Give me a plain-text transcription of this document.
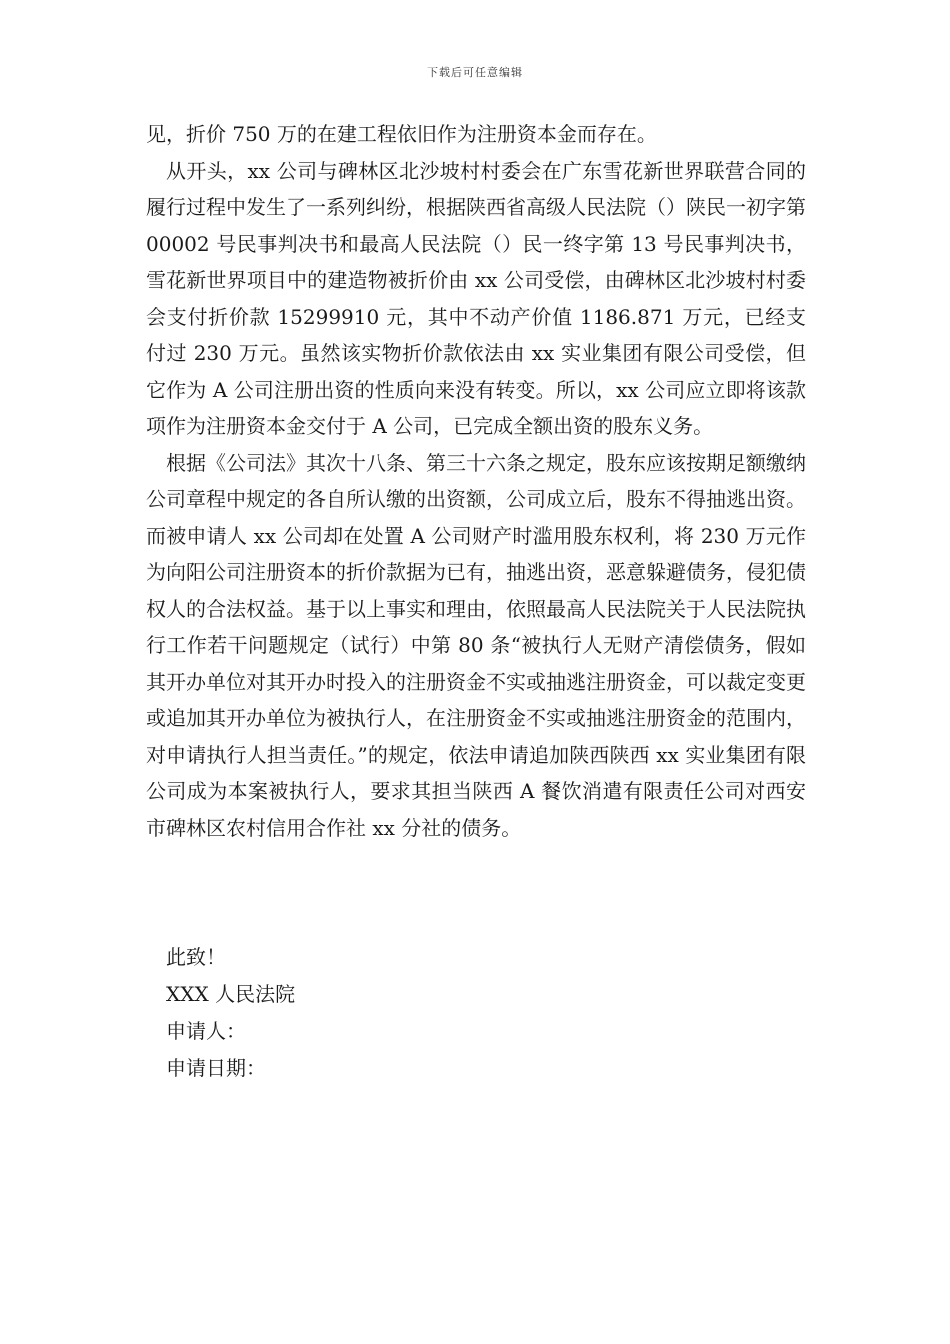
下载后可任意编辑

见，折价 750 万的在建工程依旧作为注册资本金而存在。

从开头，xx 公司与碑林区北沙坡村村委会在广东雪花新世界联营合同的履行过程中发生了一系列纠纷，根据陕西省高级人民法院（）陕民一初字第 00002 号民事判决书和最高人民法院（）民一终字第 13 号民事判决书，雪花新世界项目中的建造物被折价由 xx 公司受偿，由碑林区北沙坡村村委会支付折价款 15299910 元，其中不动产价值 1186.871 万元，已经支付过 230 万元。虽然该实物折价款依法由 xx 实业集团有限公司受偿，但它作为 A 公司注册出资的性质向来没有转变。所以，xx 公司应立即将该款项作为注册资本金交付于 A 公司，已完成全额出资的股东义务。

根据《公司法》其次十八条、第三十六条之规定，股东应该按期足额缴纳公司章程中规定的各自所认缴的出资额，公司成立后，股东不得抽逃出资。而被申请人 xx 公司却在处置 A 公司财产时滥用股东权利，将 230 万元作为向阳公司注册资本的折价款据为已有，抽逃出资，恶意躲避债务，侵犯债权人的合法权益。基于以上事实和理由，依照最高人民法院关于人民法院执行工作若干问题规定（试行）中第 80 条“被执行人无财产清偿债务，假如其开办单位对其开办时投入的注册资金不实或抽逃注册资金，可以裁定变更或追加其开办单位为被执行人，在注册资金不实或抽逃注册资金的范围内，对申请执行人担当责任。”的规定，依法申请追加陕西陕西 xx 实业集团有限公司成为本案被执行人，要求其担当陕西 A 餐饮消遣有限责任公司对西安市碑林区农村信用合作社 xx 分社的债务。

此致！
XXX 人民法院
申请人：
申请日期：
